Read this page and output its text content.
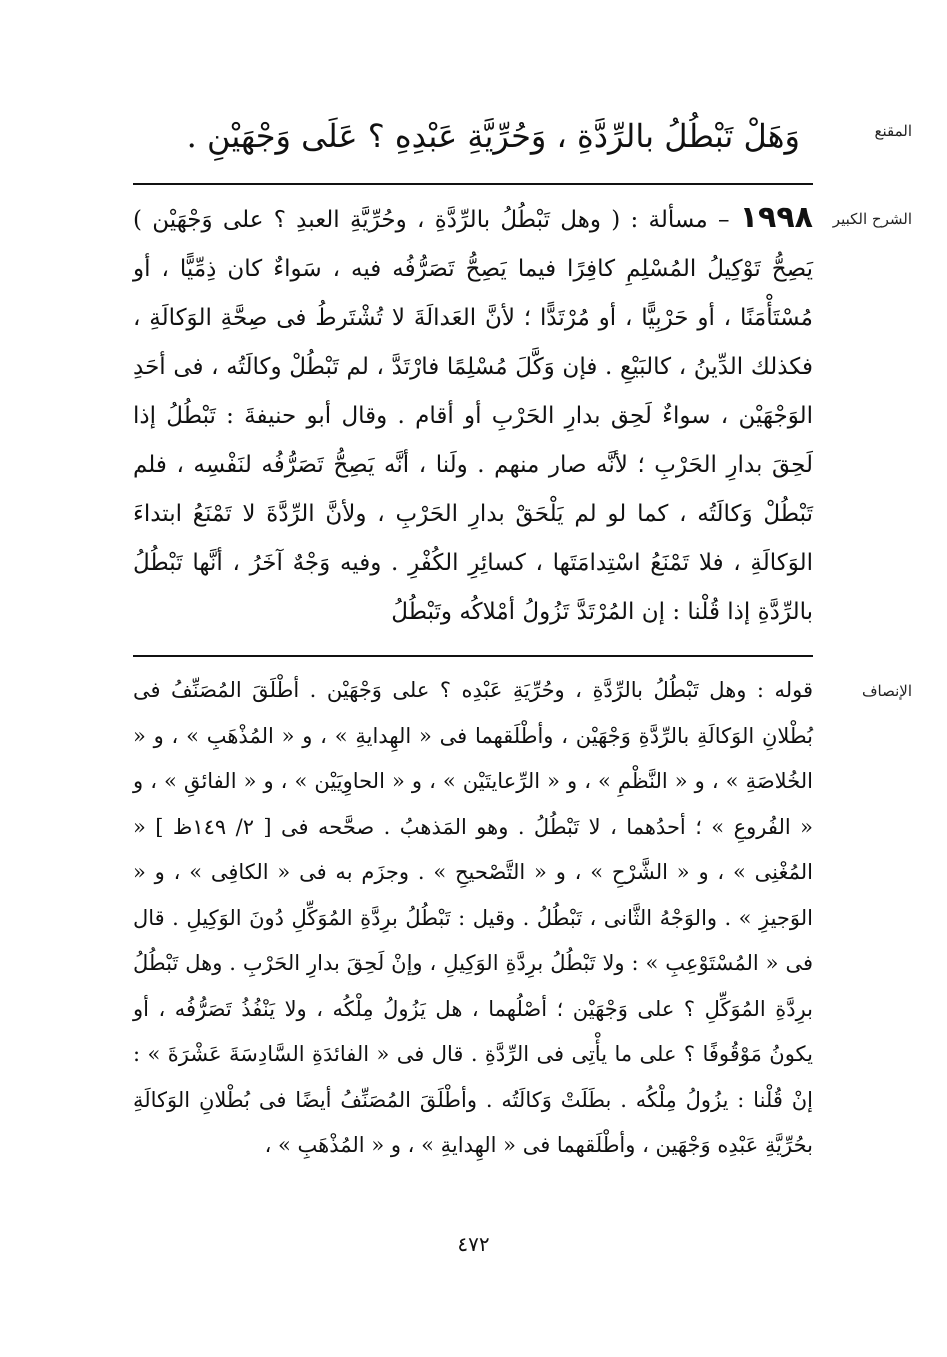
المقنع
وَهَلْ تَبْطُلُ بالرِّدَّةِ ، وَحُرِّيَّةِ عَبْدِهِ ؟ عَلَى وَجْهَيْنِ .
الشرح الكبير
١٩٩٨ – مسألة : ( وهل تَبْطُلُ بالرِّدَّةِ ، وحُرِّيَّةِ العبدِ ؟ على وَجْهَيْن ) يَصِحُّ تَوْكِيلُ المُسْلِمِ كافِرًا فيما يَصِحُّ تَصَرُّفُه فيه ، سَواءٌ كان ذِمِّيًّا ، أو مُسْتَأْمَنًا ، أو حَرْبِيًّا ، أو مُرْتَدًّا ؛ لأنَّ العَدالَةَ لا تُشْتَرطُ فى صِحَّةِ الوَكالَةِ ، فكذلك الدِّينُ ، كالبَيْعِ . فإن وَكَّلَ مُسْلِمًا فارْتَدَّ ، لم تَبْطُلْ وكالَتُه ، فى أحَدِ الوَجْهَيْن ، سواءٌ لَحِق بدارِ الحَرْبِ أو أقام . وقال أبو حنيفةَ : تَبْطُلُ إذا لَحِقَ بدارِ الحَرْبِ ؛ لأنَّه صار منهم . ولَنا ، أنَّه يَصِحُّ تَصَرُّفُه لنَفْسِه ، فلم تَبْطُلْ وَكالَتُه ، كما لو لم يَلْحَقْ بدارِ الحَرْبِ ، ولأنَّ الرِّدَّةَ لا تَمْنَعُ ابتداءَ الوَكالَةِ ، فلا تَمْنَعُ اسْتِدامَتَها ، كسائِرِ الكُفْرِ . وفيه وَجْهٌ آخَرُ ، أنَّها تَبْطُلُ بالرِّدَّةِ إذا قُلْنا : إن المُرْتَدَّ تَزُولُ أمْلاكُه وتَبْطُلُ
الإنصاف
قوله : وهل تَبْطُلُ بالرِّدَّةِ ، وحُرِّيَةِ عَبْدِه ؟ على وَجْهَيْن . أطْلَقَ المُصَنِّفُ فى بُطْلانِ الوَكالَةِ بالرِّدَّةِ وَجْهَيْن ، وأطْلَقهما فى « الهِدايةِ » ، و « المُذْهَبِ » ، و « الخُلاصَةِ » ، و « النَّظْمِ » ، و « الرِّعايتَيْن » ، و « الحاوِيَيْن » ، و « الفائقِ » ، و « الفُروعِ » ؛ أحدُهما ، لا تَبْطُلُ . وهو المَذهبُ . صحَّحه فى [ ٢/ ١٤٩ظ ] « المُغْنِى » ، و « الشَّرْحِ » ، و « التَّصْحيحِ » . وجزَم به فى « الكافِى » ، و « الوَجيزِ » . والوَجْهُ الثَّانى ، تَبْطُلُ . وقيل : تَبْطُلُ برِدَّةِ المُوَكِّلِ دُونَ الوَكِيلِ . قال فى « المُسْتَوْعِبِ » : ولا تَبْطُلُ برِدَّةِ الوَكِيلِ ، وإنْ لَحِقَ بدارِ الحَرْبِ . وهل تَبْطُلُ برِدَّةِ المُوَكِّلِ ؟ على وَجْهَيْن ؛ أصْلُهما ، هل يَزُولُ مِلْكُه ، ولا يَنْفُذُ تَصَرُّفُه ، أو يكونُ مَوْقُوفًا ؟ على ما يأْتِى فى الرِّدَّةِ . قال فى « الفائدَةِ السَّادِسَةَ عَشْرَةَ » : إنْ قُلْنا : يزُولُ مِلْكُه . بطَلَتْ وَكالَتُه . وأطْلَقَ المُصَنِّفُ أيضًا فى بُطْلانِ الوَكالَةِ بحُرِّيَّةِ عَبْدِه وَجْهَين ، وأطْلَقهما فى « الهِدايةِ » ، و « المُذْهَبِ » ،
٤٧٢
